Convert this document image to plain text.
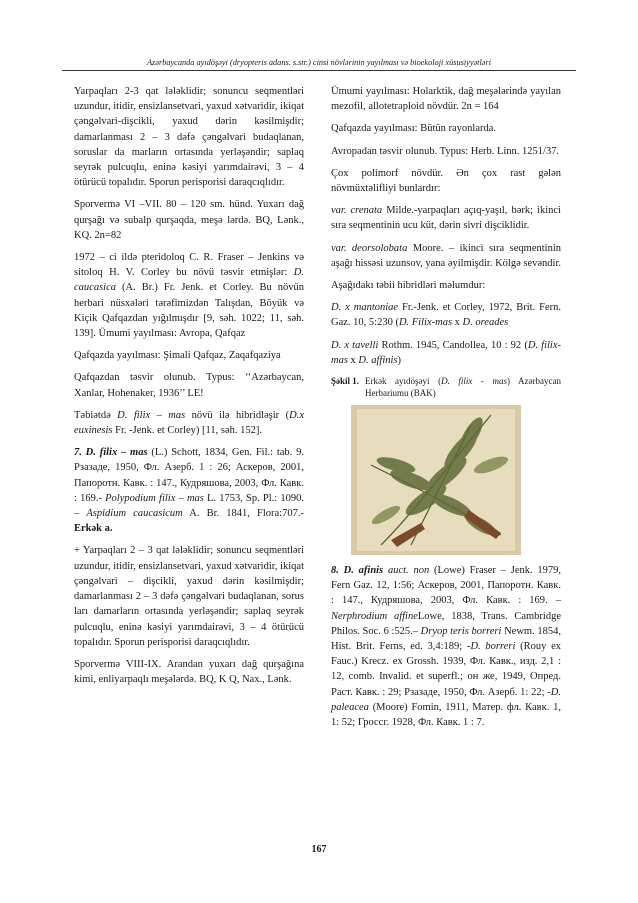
Azərbaycanda ayıdöşəyi (dryopteris adans. s.str.) cinsi növlərinin yayılması və bioekoloji xüsusiyyətləri

Yarpaqları 2-3 qat lələklidir; sonuncu seqmentləri uzundur, itidir, ensizlansetvari, yaxud xətvaridir, ikiqat çəngəlvari-dişcikli, yaxud dərin kəsilmişdir; damarlanması 2 – 3 dəfə çəngəlvari budaqlanan, soruslar da marların ortasında yerləşəndir; saplaq seyrək pulcuqlu, eninə kəsiyi yarımdairəvi, 3 – 4 ötürücü topalıdır. Sporun perisporisi daraqcıqlıdır.

Sporvermə VI –VII. 80 – 120 sm. hünd. Yuxarı dağ qurşağı və subalp qurşaqda, meşə lərdə. BQ, Lənk., KQ. 2n=82

1972 – ci ildə pteridoloq C. R. Fraser – Jenkins və sitoloq H. V. Corley bu növü təsvir etmişlər: D. caucasica (A. Br.) Fr. Jenk. et Corley. Bu növün herbari nüsxələri tərəfimizdən Talışdan, Böyük və Kiçik Qafqazdan yığılmışdır [9, səh. 1022; 11, səh. 139]. Ümumi yayılması: Avropa, Qafqaz

Qafqazda yayılması: Şimali Qafqaz, Zaqafqaziya

Qafqazdan təsvir olunub. Typus: ‘‘Azərbaycan, Xanlar, Hohenaker, 1936’’ LE!

Təbiətdə D. filix – mas növü ilə hibridləşir (D.x euxinesis Fr. -Jenk. et Corley) [11, səh. 152].

7. D. filix – mas (L.) Schott, 1834, Gen. Fil.: tab. 9. Рзазаде, 1950, Фл. Азерб. 1 : 26; Аскеров, 2001, Папоротн. Кавк. : 147., Кудряшова, 2003, Фл. Кавк. : 169.- Polypodium filix – mas L. 1753, Sp. Pl.: 1090. – Aspidium caucasicum A. Br. 1841, Flora:707.-Erkək a.

+ Yarpaqları 2 – 3 qat lələklidir; sonuncu seqmentləri uzundur, itidir, ensizlansetvari, yaxud xətvaridir, ikiqat çəngəlvari – dişcikli, yaxud dərin kəsilmişdir; damarlanması 2 – 3 dəfə çəngəlvari budaqlanan, sorus ları damarların ortasında yerləşəndir; saplaq seyrək pulcuqlu, eninə kəsiyi yarımdairəvi, 3 – 4 ötürücü topalıdır. Sporun perisporisi daraqcıqlıdır.

Sporvermə VIII-IX. Arandan yuxarı dağ qurşağına kimi, enliyarpaqlı meşələrdə. BQ, K Q, Nax., Lənk.

Ümumi yayılması: Holarktik, dağ meşələrində yayılan mezofil, allotetraploid növdür. 2n = 164

Qafqazda yayılması: Bütün rayonlarda.

Avropadan təsvir olunub. Typus: Herb. Linn. 1251/37.

Çox polimorf növdür. Ən çox rast gələn növmüxtəlifliyi bunlardır:

var. crenata Milde.-yarpaqları açıq-yaşıl, bərk; ikinci sıra seqmentinin ucu küt, dərin sivri dişciklidir.

var. deorsolobata Moore. – ikinci sıra seqmentinin aşağı hissəsi uzunsov, yana əyilmişdir. Kölgə sevəndir.

Aşağıdakı təbii hibridləri məlumdur:

D. x mantoniae Fr.-Jenk. et Corley, 1972, Brit. Fern. Gaz. 10, 5:230 (D. Filix-mas x D. oreades

D. x tavelli Rothm. 1945, Candollea, 10 : 92 (D. filix-mas x D. affinis)

Şəkil 1. Erkək ayıdöşəyi (D. filix - mas) Azərbaycan Herbariumu (BAK)

8. D. afinis auct. non (Lowe) Fraser – Jenk. 1979, Fern Gaz. 12, 1:56; Аскеров, 2001, Папоротн. Кавк. : 147., Кудряшова, 2003, Фл. Кавк. : 169. – Nerphrodium affineLowe, 1838, Trans. Cambridge Philos. Soc. 6 :525.– Dryop teris borreri Newm. 1854, Hist. Brit. Ferns, ed. 3,4:189; -D. borreri (Rouy ex Fauc.) Krecz. ex Grossh. 1939, Фл. Кавк., изд. 2,1 : 12, comb. Invalid. et superfl.; он же, 1949, Опред. Раст. Кавк. : 29; Рзазаде, 1950, Фл. Азерб. 1: 22; -D. paleacea (Moore) Fomin, 1911, Матер. фл. Кавк. 1, 1: 52; Гроссг. 1928, Фл. Кавк. 1 : 7.

167
